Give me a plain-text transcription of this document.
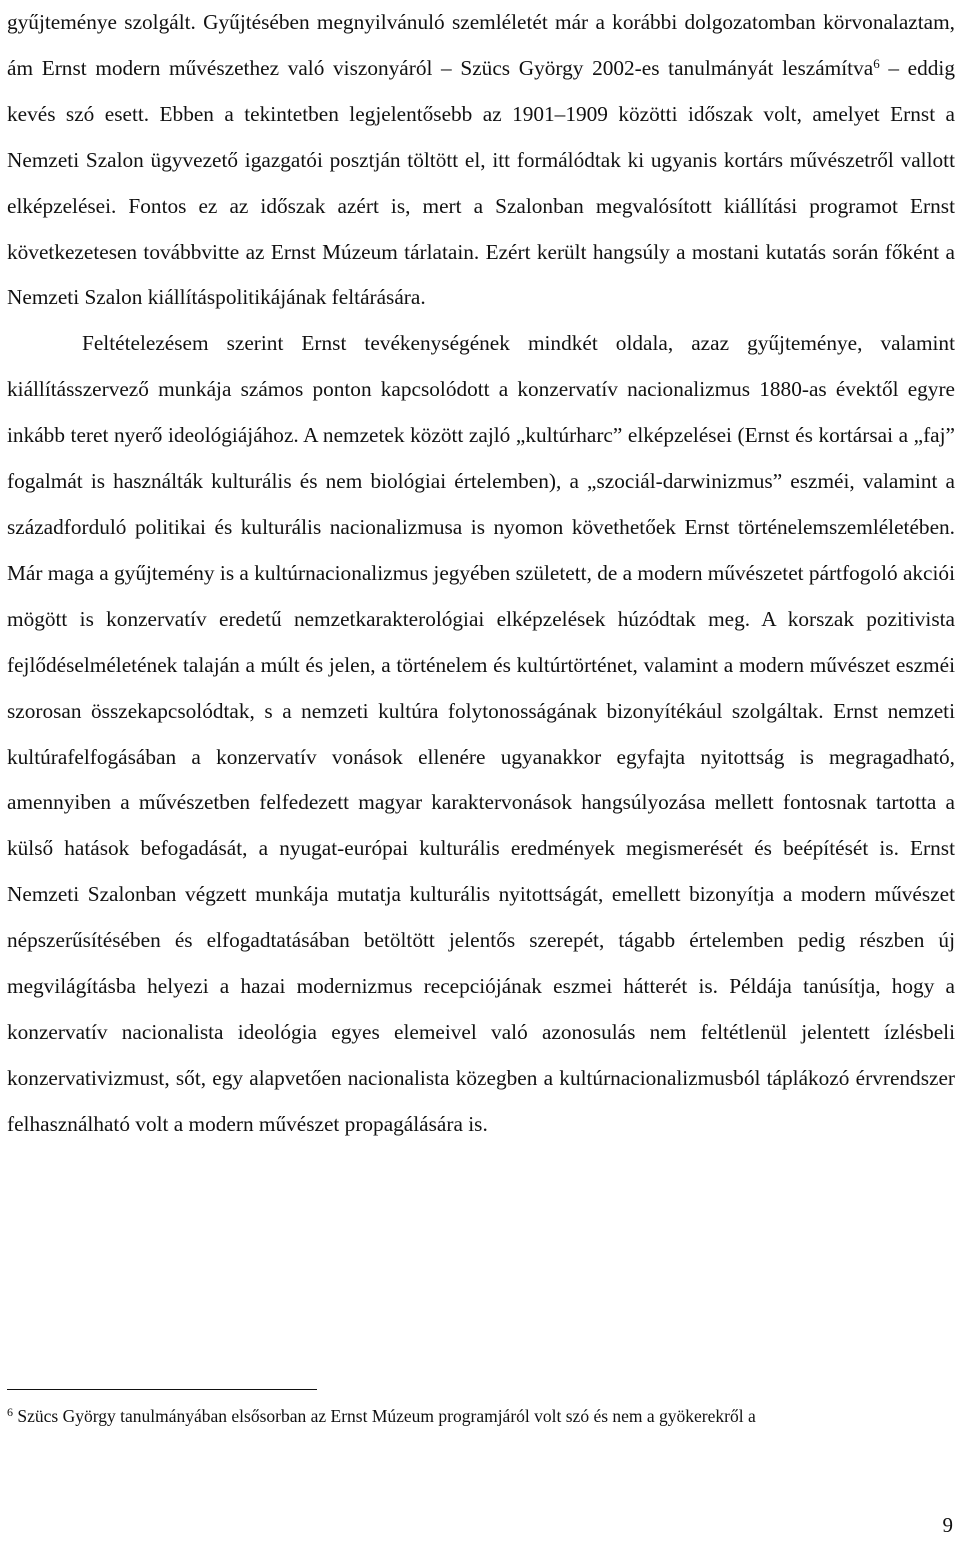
gyűjteménye szolgált. Gyűjtésében megnyilvánuló szemléletét már a korábbi dolgozatomban körvonalaztam, ám Ernst modern művészethez való viszonyáról – Szücs György 2002-es tanulmányát leszámítva$^6$ – eddig kevés szó esett. Ebben a tekintetben legjelentősebb az 1901–1909 közötti időszak volt, amelyet Ernst a Nemzeti Szalon ügyvezető igazgatói posztján töltött el, itt formálódtak ki ugyanis kortárs művészetről vallott elképzelései. Fontos ez az időszak azért is, mert a Szalonban megvalósított kiállítási programot Ernst következetesen továbbvitte az Ernst Múzeum tárlatain. Ezért került hangsúly a mostani kutatás során főként a Nemzeti Szalon kiállításpolitikájának feltárására.

Feltételezésem szerint Ernst tevékenységének mindkét oldala, azaz gyűjteménye, valamint kiállításszervező munkája számos ponton kapcsolódott a konzervatív nacionalizmus 1880-as évektől egyre inkább teret nyerő ideológiájához. A nemzetek között zajló „kultúrharc” elképzelései (Ernst és kortársai a „faj” fogalmát is használták kulturális és nem biológiai értelemben), a „szociál-darwinizmus” eszméi, valamint a századforduló politikai és kulturális nacionalizmusa is nyomon követhetőek Ernst történelemszemléletében. Már maga a gyűjtemény is a kultúrnacionalizmus jegyében született, de a modern művészetet pártfogoló akciói mögött is konzervatív eredetű nemzetkarakterológiai elképzelések húzódtak meg. A korszak pozitivista fejlődéselméletének talaján a múlt és jelen, a történelem és kultúrtörténet, valamint a modern művészet eszméi szorosan összekapcsolódtak, s a nemzeti kultúra folytonosságának bizonyítékául szolgáltak. Ernst nemzeti kultúrafelfogásában a konzervatív vonások ellenére ugyanakkor egyfajta nyitottság is megragadható, amennyiben a művészetben felfedezett magyar karaktervonások hangsúlyozása mellett fontosnak tartotta a külső hatások befogadását, a nyugat-európai kulturális eredmények megismerését és beépítését is. Ernst Nemzeti Szalonban végzett munkája mutatja kulturális nyitottságát, emellett bizonyítja a modern művészet népszerűsítésében és elfogadtatásában betöltött jelentős szerepét, tágabb értelemben pedig részben új megvilágításba helyezi a hazai modernizmus recepciójának eszmei hátterét is. Példája tanúsítja, hogy a konzervatív nacionalista ideológia egyes elemeivel való azonosulás nem feltétlenül jelentett ízlésbeli konzervativizmust, sőt, egy alapvetően nacionalista közegben a kultúrnacionalizmusból táplákozó érvrendszer felhasználható volt a modern művészet propagálására is.

$^6$ Szücs György tanulmányában elsősorban az Ernst Múzeum programjáról volt szó és nem a gyökerekről a

9
